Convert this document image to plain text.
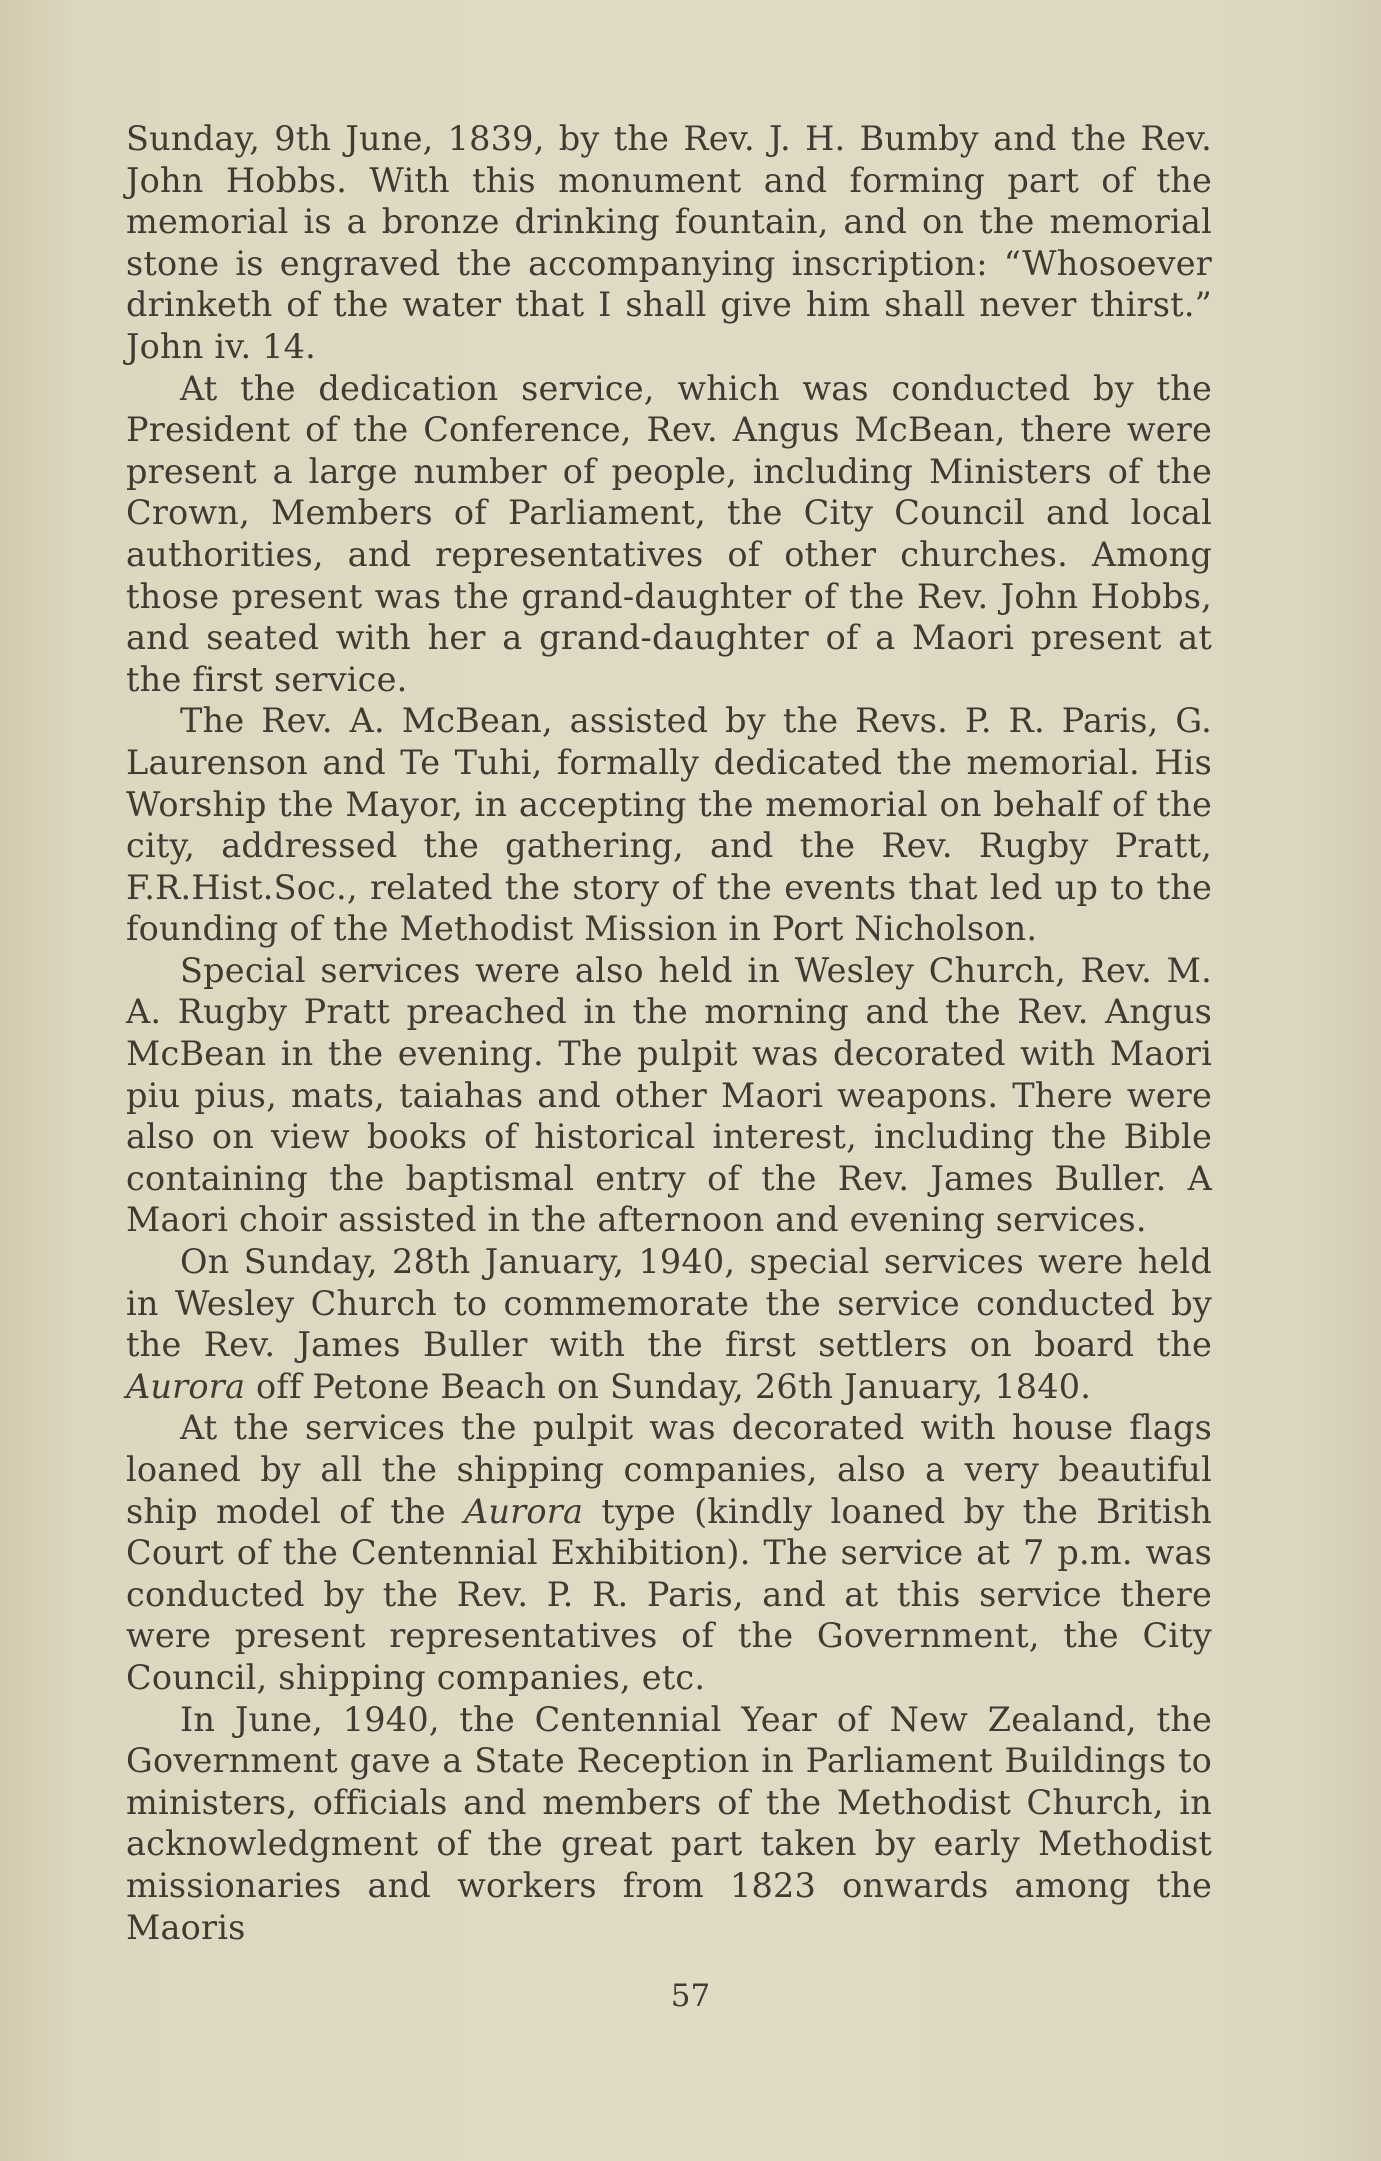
Sunday, 9th June, 1839, by the Rev. J. H. Bumby and the Rev. John Hobbs. With this monument and forming part of the memorial is a bronze drinking fountain, and on the memorial stone is engraved the accompanying inscription: “Whosoever drinketh of the water that I shall give him shall never thirst.” John iv. 14.

At the dedication service, which was conducted by the President of the Conference, Rev. Angus McBean, there were present a large number of people, including Ministers of the Crown, Members of Parliament, the City Council and local authorities, and representatives of other churches. Among those present was the grand-daughter of the Rev. John Hobbs, and seated with her a grand-daughter of a Maori present at the first service.

The Rev. A. McBean, assisted by the Revs. P. R. Paris, G. Laurenson and Te Tuhi, formally dedicated the memorial. His Worship the Mayor, in accepting the memorial on behalf of the city, addressed the gathering, and the Rev. Rugby Pratt, F.R.Hist.Soc., related the story of the events that led up to the founding of the Methodist Mission in Port Nicholson.

Special services were also held in Wesley Church, Rev. M. A. Rugby Pratt preached in the morning and the Rev. Angus McBean in the evening. The pulpit was decorated with Maori piu pius, mats, taiahas and other Maori weapons. There were also on view books of historical interest, including the Bible containing the baptismal entry of the Rev. James Buller. A Maori choir assisted in the afternoon and evening services.

On Sunday, 28th January, 1940, special services were held in Wesley Church to commemorate the service conducted by the Rev. James Buller with the first settlers on board the Aurora off Petone Beach on Sunday, 26th January, 1840.

At the services the pulpit was decorated with house flags loaned by all the shipping companies, also a very beautiful ship model of the Aurora type (kindly loaned by the British Court of the Centennial Exhibition). The service at 7 p.m. was conducted by the Rev. P. R. Paris, and at this service there were present representatives of the Government, the City Council, shipping companies, etc.

In June, 1940, the Centennial Year of New Zealand, the Government gave a State Reception in Parliament Buildings to ministers, officials and members of the Methodist Church, in acknowledgment of the great part taken by early Methodist missionaries and workers from 1823 onwards among the Maoris

57
